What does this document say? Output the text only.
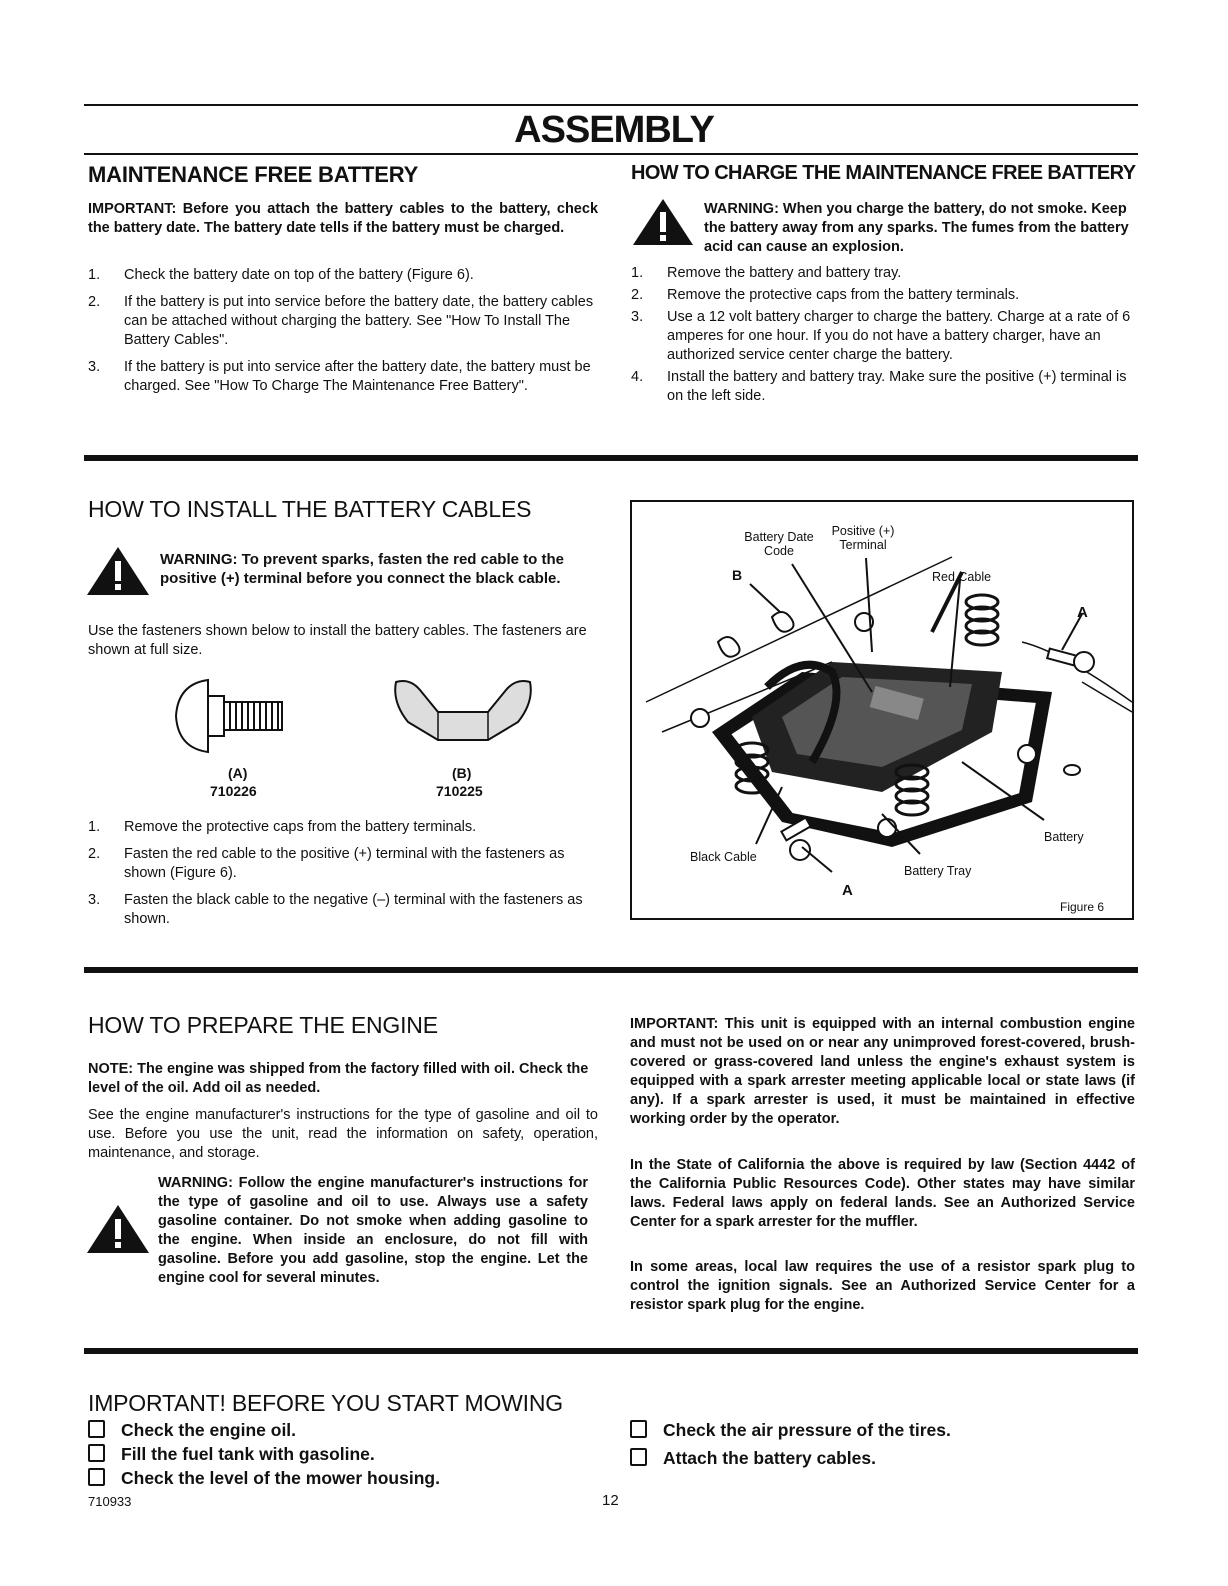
ASSEMBLY
MAINTENANCE FREE BATTERY
IMPORTANT: Before you attach the battery cables to the battery, check the battery date. The battery date tells if the battery must be charged.
1. Check the battery date on top of the battery (Figure 6).
2. If the battery is put into service before the battery date, the battery cables can be attached without charging the battery. See "How To Install The Battery Cables".
3. If the battery is put into service after the battery date, the battery must be charged. See "How To Charge The Maintenance Free Battery".
HOW TO CHARGE THE MAINTENANCE FREE BATTERY
WARNING: When you charge the battery, do not smoke. Keep the battery away from any sparks. The fumes from the battery acid can cause an explosion.
1. Remove the battery and battery tray.
2. Remove the protective caps from the battery terminals.
3. Use a 12 volt battery charger to charge the battery. Charge at a rate of 6 amperes for one hour. If you do not have a battery charger, have an authorized service center charge the battery.
4. Install the battery and battery tray. Make sure the positive (+) terminal is on the left side.
HOW TO INSTALL THE BATTERY CABLES
WARNING: To prevent sparks, fasten the red cable to the positive (+) terminal before you connect the black cable.
Use the fasteners shown below to install the battery cables. The fasteners are shown at full size.
(A)
710226
(B)
710225
1. Remove the protective caps from the battery terminals.
2. Fasten the red cable to the positive (+) terminal with the fasteners as shown (Figure 6).
3. Fasten the black cable to the negative (–) terminal with the fasteners as shown.
Battery Date Code
Positive (+) Terminal
B	Red Cable
A
Black Cable
Battery
Battery Tray
A
Figure 6
HOW TO PREPARE THE ENGINE
NOTE: The engine was shipped from the factory filled with oil. Check the level of the oil. Add oil as needed.
See the engine manufacturer's instructions for the type of gasoline and oil to use. Before you use the unit, read the information on safety, operation, maintenance, and storage.
WARNING: Follow the engine manufacturer's instructions for the type of gasoline and oil to use. Always use a safety gasoline container. Do not smoke when adding gasoline to the engine. When inside an enclosure, do not fill with gasoline. Before you add gasoline, stop the engine. Let the engine cool for several minutes.
IMPORTANT: This unit is equipped with an internal combustion engine and must not be used on or near any unimproved forest-covered, brush-covered or grass-covered land unless the engine's exhaust system is equipped with a spark arrester meeting applicable local or state laws (if any). If a spark arrester is used, it must be maintained in effective working order by the operator.
In the State of California the above is required by law (Section 4442 of the California Public Resources Code). Other states may have similar laws. Federal laws apply on federal lands. See an Authorized Service Center for a spark arrester for the muffler.
In some areas, local law requires the use of a resistor spark plug to control the ignition signals. See an Authorized Service Center for a resistor spark plug for the engine.
IMPORTANT! BEFORE YOU START MOWING
Check the engine oil.
Fill the fuel tank with gasoline.
Check the level of the mower housing.
Check the air pressure of the tires.
Attach the battery cables.
710933	12
